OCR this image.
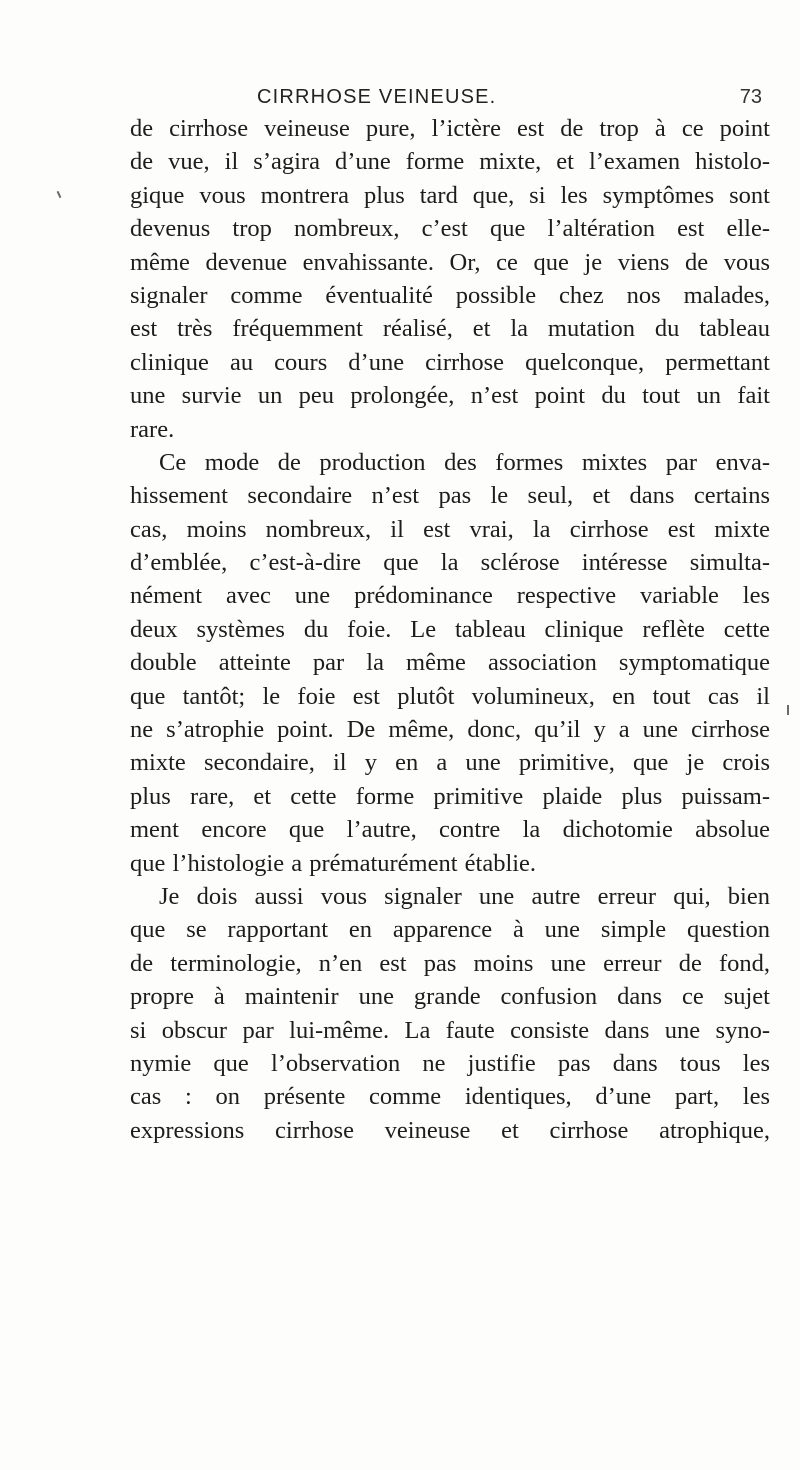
CIRRHOSE VEINEUSE.	73
de cirrhose veineuse pure, l’ictère est de trop à ce point
de vue, il s’agira d’une forme mixte, et l’examen histolo-
gique vous montrera plus tard que, si les symptômes sont
devenus trop nombreux, c’est que l’altération est elle-
même devenue envahissante. Or, ce que je viens de vous
signaler comme éventualité possible chez nos malades,
est très fréquemment réalisé, et la mutation du tableau
clinique au cours d’une cirrhose quelconque, permettant
une survie un peu prolongée, n’est point du tout un fait
rare.
Ce mode de production des formes mixtes par enva-
hissement secondaire n’est pas le seul, et dans certains
cas, moins nombreux, il est vrai, la cirrhose est mixte
d’emblée, c’est-à-dire que la sclérose intéresse simulta-
nément avec une prédominance respective variable les
deux systèmes du foie. Le tableau clinique reflète cette
double atteinte par la même association symptomatique
que tantôt; le foie est plutôt volumineux, en tout cas il
ne s’atrophie point. De même, donc, qu’il y a une cirrhose
mixte secondaire, il y en a une primitive, que je crois
plus rare, et cette forme primitive plaide plus puissam-
ment encore que l’autre, contre la dichotomie absolue
que l’histologie a prématurément établie.
Je dois aussi vous signaler une autre erreur qui, bien
que se rapportant en apparence à une simple question
de terminologie, n’en est pas moins une erreur de fond,
propre à maintenir une grande confusion dans ce sujet
si obscur par lui-même. La faute consiste dans une syno-
nymie que l’observation ne justifie pas dans tous les
cas : on présente comme identiques, d’une part, les
expressions cirrhose veineuse et cirrhose atrophique,
